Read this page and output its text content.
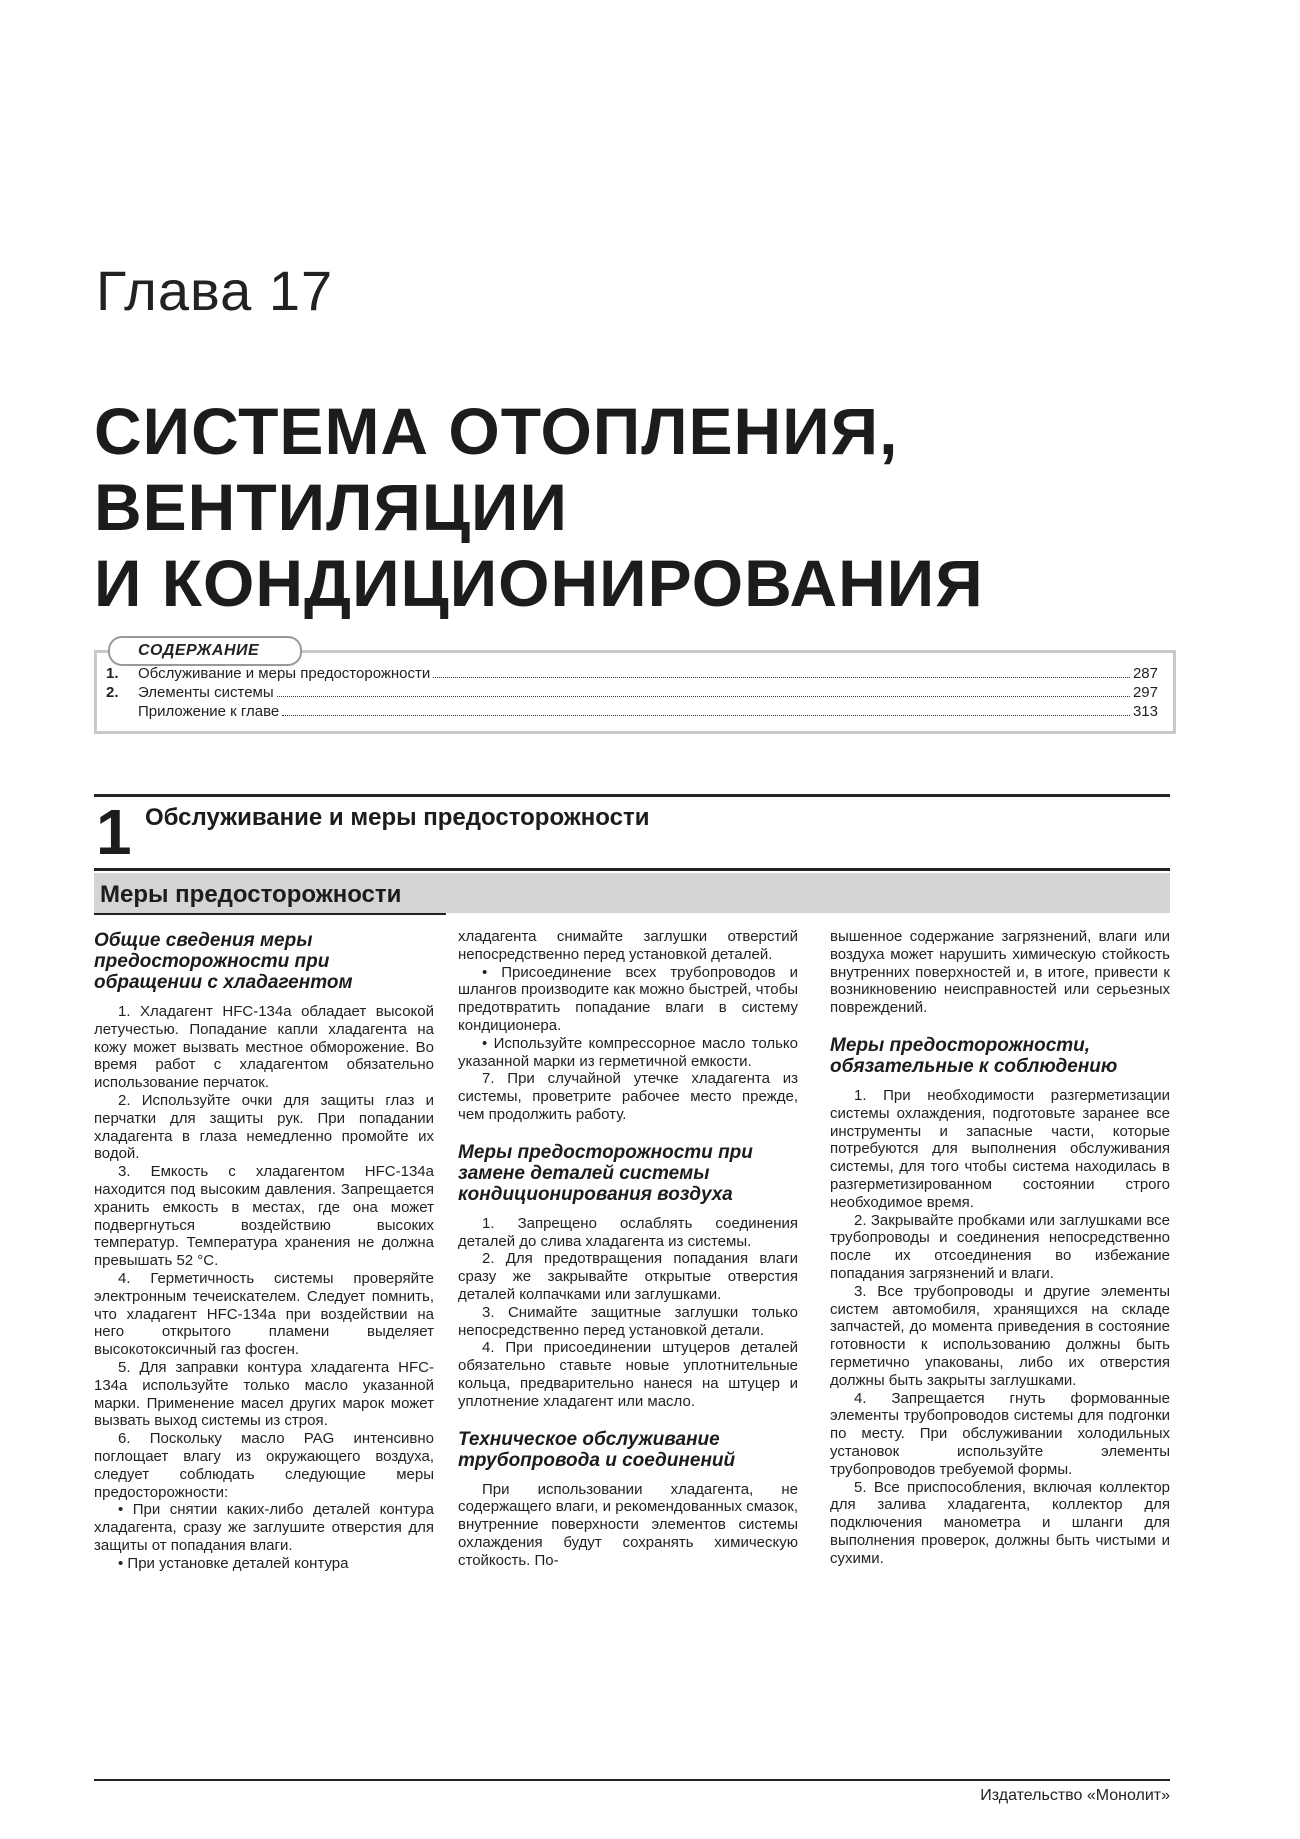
Глава 17
СИСТЕМА ОТОПЛЕНИЯ,
ВЕНТИЛЯЦИИ
И КОНДИЦИОНИРОВАНИЯ
СОДЕРЖАНИЕ
1.	Обслуживание и меры предосторожности	287
2.	Элементы системы	297
Приложение к главе	313
1 Обслуживание и меры предосторожности
Меры предосторожности
Общие сведения меры предосторожности при обращении с хладагентом

1. Хладагент HFC-134a обладает высокой летучестью. Попадание капли хладагента на кожу может вызвать местное обморожение. Во время работ с хладагентом обязательно использование перчаток.

2. Используйте очки для защиты глаз и перчатки для защиты рук. При попадании хладагента в глаза немедленно промойте их водой.

3. Емкость с хладагентом HFC-134a находится под высоким давления. Запрещается хранить емкость в местах, где она может подвергнуться воздействию высоких температур. Температура хранения не должна превышать 52 °С.

4. Герметичность системы проверяйте электронным течеискателем. Следует помнить, что хладагент HFC-134a при воздействии на него открытого пламени выделяет высокотоксичный газ фосген.

5. Для заправки контура хладагента HFC-134a используйте только масло указанной марки. Применение масел других марок может вызвать выход системы из строя.

6. Поскольку масло PAG интенсивно поглощает влагу из окружающего воздуха, следует соблюдать следующие меры предосторожности:

• При снятии каких-либо деталей контура хладагента, сразу же заглушите отверстия для защиты от попадания влаги.

• При установке деталей контура

хладагента снимайте заглушки отверстий непосредственно перед установкой деталей.

• Присоединение всех трубопроводов и шлангов производите как можно быстрей, чтобы предотвратить попадание влаги в систему кондиционера.

• Используйте компрессорное масло только указанной марки из герметичной емкости.

7. При случайной утечке хладагента из системы, проветрите рабочее место прежде, чем продолжить работу.

Меры предосторожности при замене деталей системы кондиционирования воздуха

1. Запрещено ослаблять соединения деталей до слива хладагента из системы.

2. Для предотвращения попадания влаги сразу же закрывайте открытые отверстия деталей колпачками или заглушками.

3. Снимайте защитные заглушки только непосредственно перед установкой детали.

4. При присоединении штуцеров деталей обязательно ставьте новые уплотнительные кольца, предварительно нанеся на штуцер и уплотнение хладагент или масло.

Техническое обслуживание трубопровода и соединений

При использовании хладагента, не содержащего влаги, и рекомендованных смазок, внутренние поверхности элементов системы охлаждения будут сохранять химическую стойкость. По-

вышенное содержание загрязнений, влаги или воздуха может нарушить химическую стойкость внутренних поверхностей и, в итоге, привести к возникновению неисправностей или серьезных повреждений.

Меры предосторожности, обязательные к соблюдению

1. При необходимости разгерметизации системы охлаждения, подготовьте заранее все инструменты и запасные части, которые потребуются для выполнения обслуживания системы, для того чтобы система находилась в разгерметизированном состоянии строго необходимое время.

2. Закрывайте пробками или заглушками все трубопроводы и соединения непосредственно после их отсоединения во избежание попадания загрязнений и влаги.

3. Все трубопроводы и другие элементы систем автомобиля, хранящихся на складе запчастей, до момента приведения в состояние готовности к использованию должны быть герметично упакованы, либо их отверстия должны быть закрыты заглушками.

4. Запрещается гнуть формованные элементы трубопроводов системы для подгонки по месту. При обслуживании холодильных установок используйте элементы трубопроводов требуемой формы.

5. Все приспособления, включая коллектор для залива хладагента, коллектор для подключения манометра и шланги для выполнения проверок, должны быть чистыми и сухими.

Издательство «Монолит»
